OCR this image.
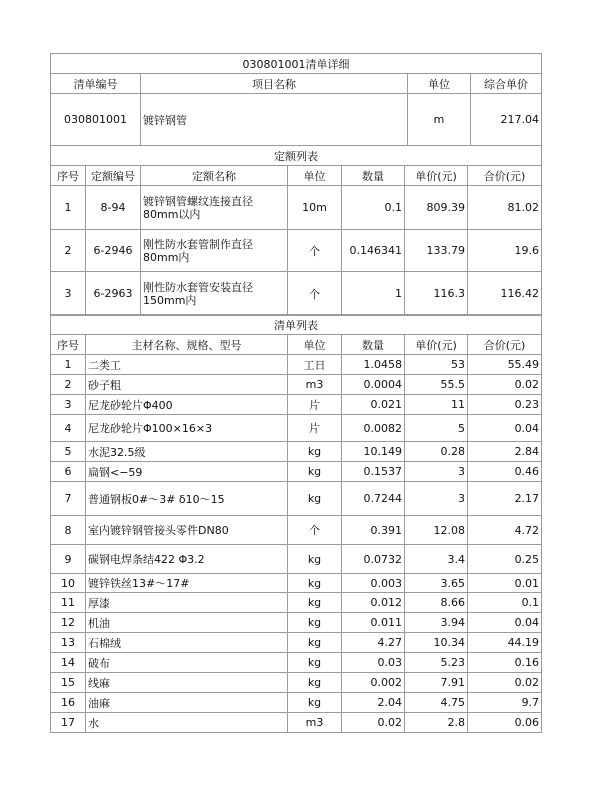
030801001清单详细			
清单编号	项目名称	单位	综合单价
030801001	镀锌钢管	m	217.04
定额列表						
序号	定额编号	定额名称	单位	数量	单价(元)	合价(元)
1	8-94	镀锌钢管螺纹连接直径80mm以内	10m	0.1	809.39	81.02
2	6-2946	刚性防水套管制作直径80mm内	个	0.146341	133.79	19.6
3	6-2963	刚性防水套管安装直径150mm内	个	1	116.3	116.42
清单列表					
序号	主材名称、规格、型号	单位	数量	单价(元)	合价(元)
1	二类工	工日	1.0458	53	55.49
2	砂子粗	m3	0.0004	55.5	0.02
3	尼龙砂轮片Φ400	片	0.021	11	0.23
4	尼龙砂轮片Φ100×16×3	片	0.0082	5	0.04
5	水泥32.5级	kg	10.149	0.28	2.84
6	扁钢<−59	kg	0.1537	3	0.46
7	普通钢板0#～3# δ10～15	kg	0.7244	3	2.17
8	室内镀锌钢管接头零件DN80	个	0.391	12.08	4.72
9	碳钢电焊条结422 Φ3.2	kg	0.0732	3.4	0.25
10	镀锌铁丝13#～17#	kg	0.003	3.65	0.01
11	厚漆	kg	0.012	8.66	0.1
12	机油	kg	0.011	3.94	0.04
13	石棉绒	kg	4.27	10.34	44.19
14	破布	kg	0.03	5.23	0.16
15	线麻	kg	0.002	7.91	0.02
16	油麻	kg	2.04	4.75	9.7
17	水	m3	0.02	2.8	0.06
